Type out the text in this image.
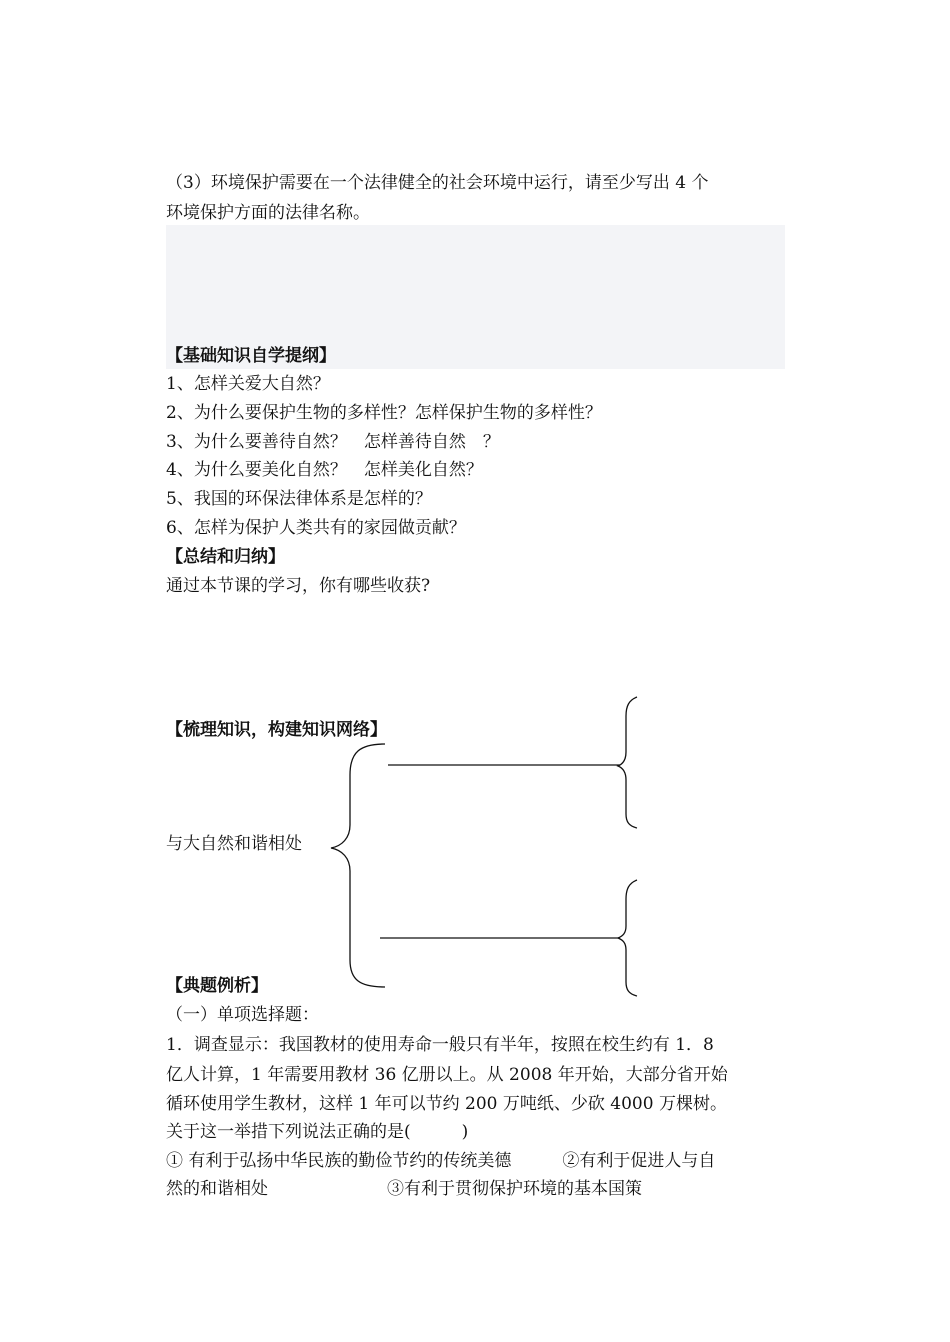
（3）环境保护需要在一个法律健全的社会环境中运行，请至少写出 4 个
环境保护方面的法律名称。
【基础知识自学提纲】
1、怎样关爱大自然？
2、为什么要保护生物的多样性？怎样保护生物的多样性？
3、为什么要善待自然？　怎样善待自然　？
4、为什么要美化自然？　怎样美化自然？
5、我国的环保法律体系是怎样的？
6、怎样为保护人类共有的家园做贡献？
【总结和归纳】
通过本节课的学习，你有哪些收获?
【梳理知识，构建知识网络】
与大自然和谐相处
【典题例析】
（一）单项选择题：
1．调查显示：我国教材的使用寿命一般只有半年，按照在校生约有 1．8
亿人计算，1 年需要用教材 36 亿册以上。从 2008 年开始，大部分省开始
循环使用学生教材，这样 1 年可以节约 200 万吨纸、少砍 4000 万棵树。
关于这一举措下列说法正确的是(　　　)
① 有利于弘扬中华民族的勤俭节约的传统美德　　　②有利于促进人与自
然的和谐相处　　　　　　　③有利于贯彻保护环境的基本国策
